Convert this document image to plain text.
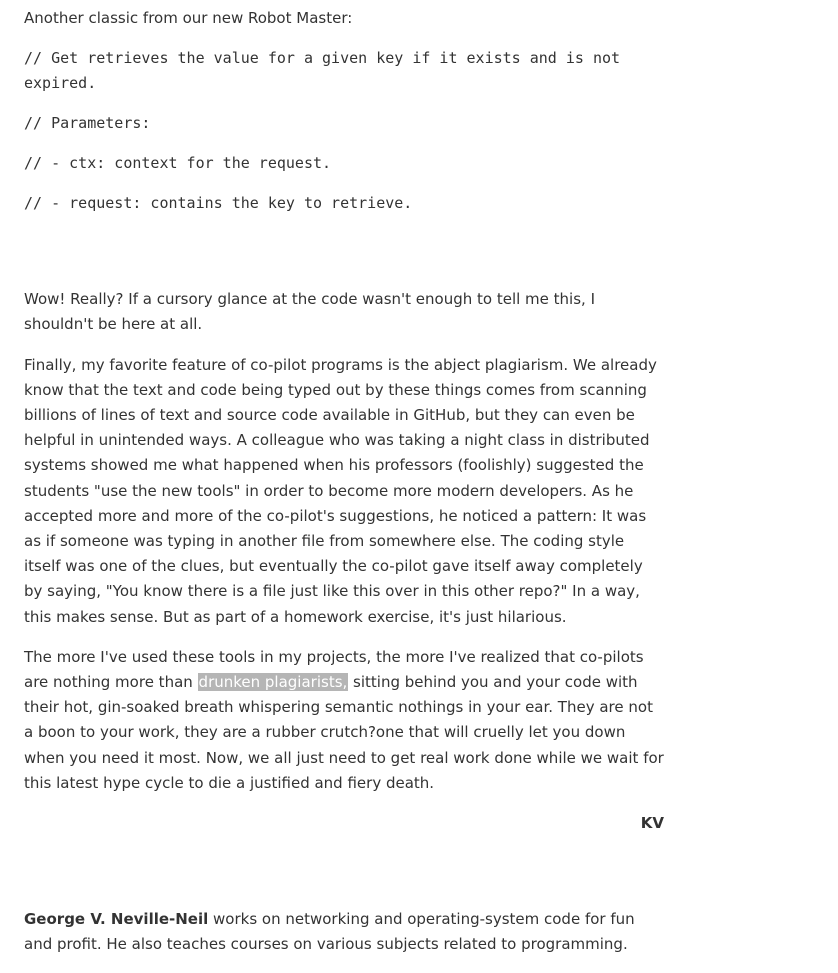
Another classic from our new Robot Master:

// Get retrieves the value for a given key if it exists and is not expired.

// Parameters:

// - ctx: context for the request.

// - request: contains the key to retrieve.

Wow! Really? If a cursory glance at the code wasn't enough to tell me this, I shouldn't be here at all.

Finally, my favorite feature of co-pilot programs is the abject plagiarism. We already know that the text and code being typed out by these things comes from scanning billions of lines of text and source code available in GitHub, but they can even be helpful in unintended ways. A colleague who was taking a night class in distributed systems showed me what happened when his professors (foolishly) suggested the students "use the new tools" in order to become more modern developers. As he accepted more and more of the co-pilot's suggestions, he noticed a pattern: It was as if someone was typing in another file from somewhere else. The coding style itself was one of the clues, but eventually the co-pilot gave itself away completely by saying, "You know there is a file just like this over in this other repo?" In a way, this makes sense. But as part of a homework exercise, it's just hilarious.

The more I've used these tools in my projects, the more I've realized that co-pilots are nothing more than drunken plagiarists, sitting behind you and your code with their hot, gin-soaked breath whispering semantic nothings in your ear. They are not a boon to your work, they are a rubber crutch?one that will cruelly let you down when you need it most. Now, we all just need to get real work done while we wait for this latest hype cycle to die a justified and fiery death.

KV

George V. Neville-Neil works on networking and operating-system code for fun and profit. He also teaches courses on various subjects related to programming.
